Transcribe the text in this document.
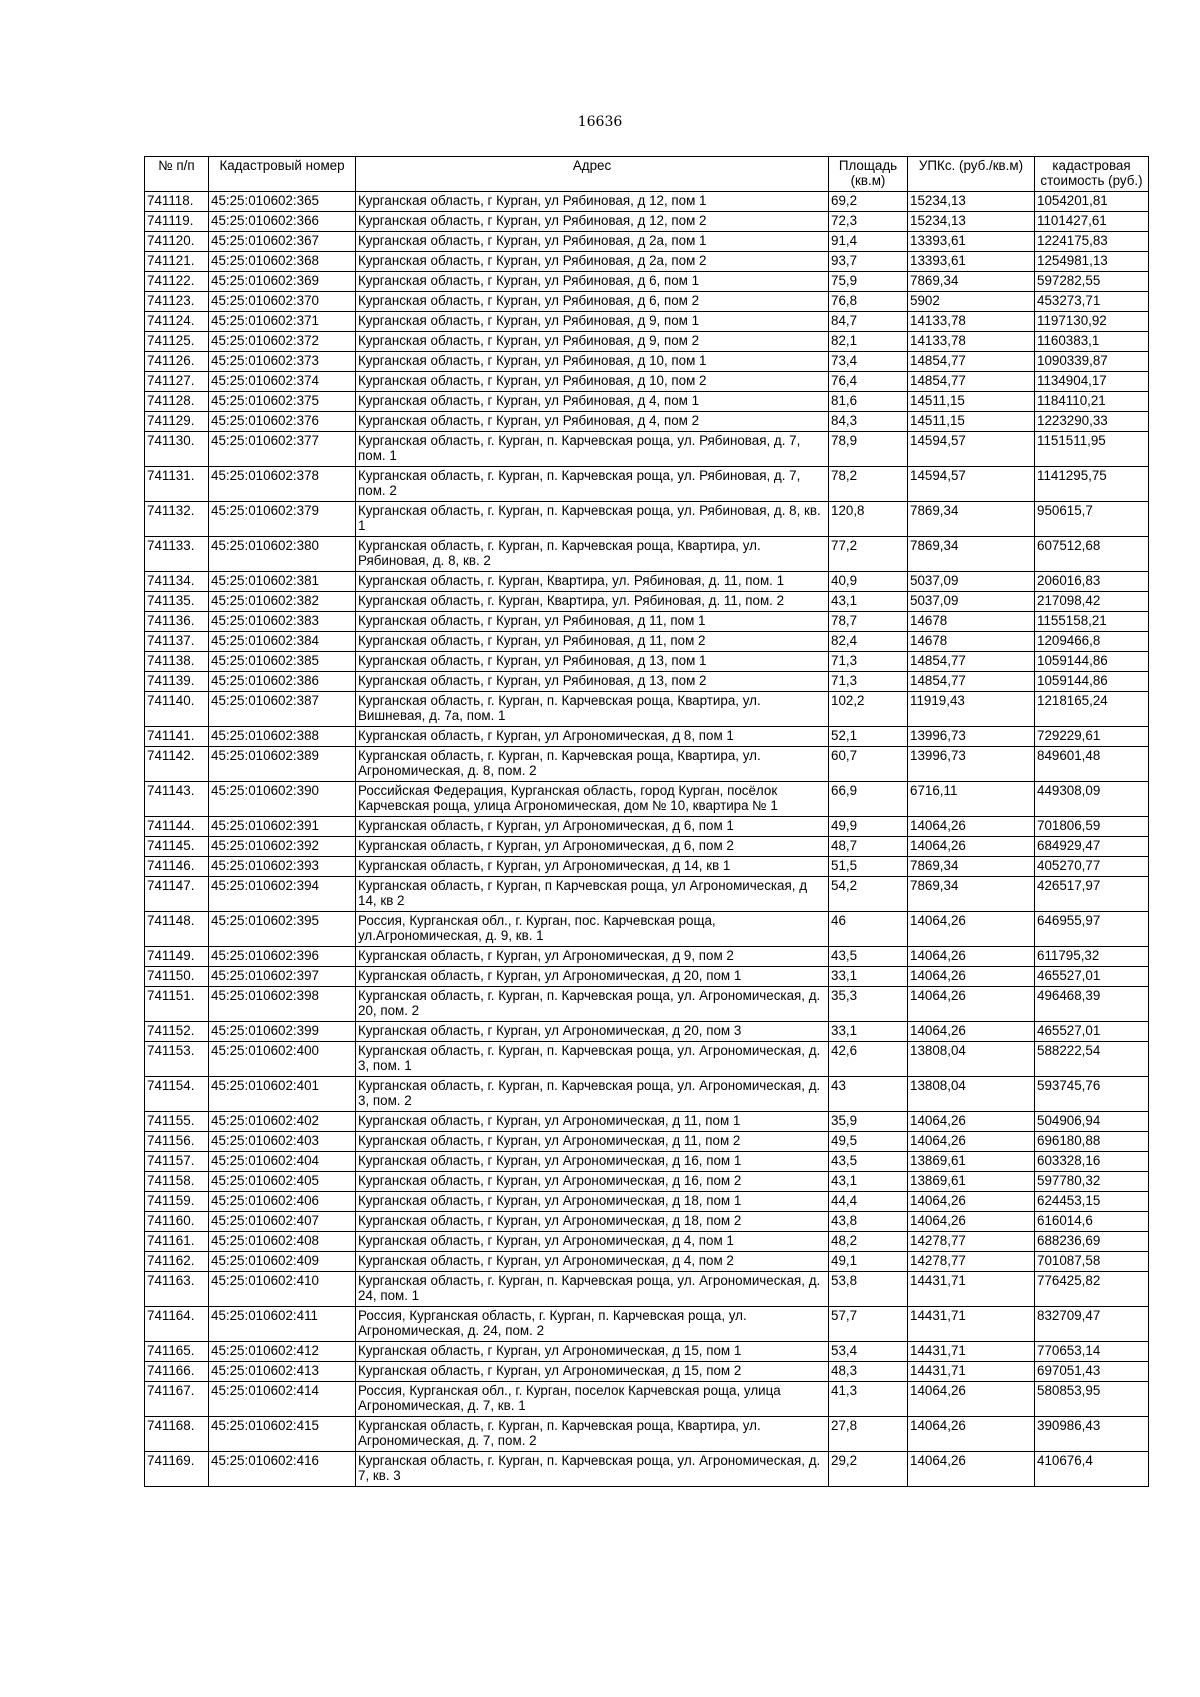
16636
№ п/п	Кадастровый номер	Адрес	Площадь (кв.м)	УПКс. (руб./кв.м)	кадастровая стоимость (руб.)
741118.	45:25:010602:365	Курганская область, г Курган, ул Рябиновая, д 12, пом 1	69,2	15234,13	1054201,81
741119.	45:25:010602:366	Курганская область, г Курган, ул Рябиновая, д 12, пом 2	72,3	15234,13	1101427,61
741120.	45:25:010602:367	Курганская область, г Курган, ул Рябиновая, д 2а, пом 1	91,4	13393,61	1224175,83
741121.	45:25:010602:368	Курганская область, г Курган, ул Рябиновая, д 2а, пом 2	93,7	13393,61	1254981,13
741122.	45:25:010602:369	Курганская область, г Курган, ул Рябиновая, д 6, пом 1	75,9	7869,34	597282,55
741123.	45:25:010602:370	Курганская область, г Курган, ул Рябиновая, д 6, пом 2	76,8	5902	453273,71
741124.	45:25:010602:371	Курганская область, г Курган, ул Рябиновая, д 9, пом 1	84,7	14133,78	1197130,92
741125.	45:25:010602:372	Курганская область, г Курган, ул Рябиновая, д 9, пом 2	82,1	14133,78	1160383,1
741126.	45:25:010602:373	Курганская область, г Курган, ул Рябиновая, д 10, пом 1	73,4	14854,77	1090339,87
741127.	45:25:010602:374	Курганская область, г Курган, ул Рябиновая, д 10, пом 2	76,4	14854,77	1134904,17
741128.	45:25:010602:375	Курганская область, г Курган, ул Рябиновая, д 4, пом 1	81,6	14511,15	1184110,21
741129.	45:25:010602:376	Курганская область, г Курган, ул Рябиновая, д 4, пом 2	84,3	14511,15	1223290,33
741130.	45:25:010602:377	Курганская область, г. Курган, п. Карчевская роща, ул. Рябиновая, д. 7, пом. 1	78,9	14594,57	1151511,95
741131.	45:25:010602:378	Курганская область, г. Курган, п. Карчевская роща, ул. Рябиновая, д. 7, пом. 2	78,2	14594,57	1141295,75
741132.	45:25:010602:379	Курганская область, г. Курган, п. Карчевская роща, ул. Рябиновая, д. 8, кв. 1	120,8	7869,34	950615,7
741133.	45:25:010602:380	Курганская область, г. Курган, п. Карчевская роща, Квартира, ул. Рябиновая, д. 8, кв. 2	77,2	7869,34	607512,68
741134.	45:25:010602:381	Курганская область, г. Курган, Квартира, ул. Рябиновая, д. 11, пом. 1	40,9	5037,09	206016,83
741135.	45:25:010602:382	Курганская область, г. Курган, Квартира, ул. Рябиновая, д. 11, пом. 2	43,1	5037,09	217098,42
741136.	45:25:010602:383	Курганская область, г Курган, ул Рябиновая, д 11, пом 1	78,7	14678	1155158,21
741137.	45:25:010602:384	Курганская область, г Курган, ул Рябиновая, д 11, пом 2	82,4	14678	1209466,8
741138.	45:25:010602:385	Курганская область, г Курган, ул Рябиновая, д 13, пом 1	71,3	14854,77	1059144,86
741139.	45:25:010602:386	Курганская область, г Курган, ул Рябиновая, д 13, пом 2	71,3	14854,77	1059144,86
741140.	45:25:010602:387	Курганская область, г. Курган, п. Карчевская роща, Квартира, ул. Вишневая, д. 7а, пом. 1	102,2	11919,43	1218165,24
741141.	45:25:010602:388	Курганская область, г Курган, ул Агрономическая, д 8, пом 1	52,1	13996,73	729229,61
741142.	45:25:010602:389	Курганская область, г. Курган, п. Карчевская роща, Квартира, ул. Агрономическая, д. 8, пом. 2	60,7	13996,73	849601,48
741143.	45:25:010602:390	Российская Федерация, Курганская область, город Курган, посёлок Карчевская роща, улица Агрономическая, дом № 10, квартира № 1	66,9	6716,11	449308,09
741144.	45:25:010602:391	Курганская область, г Курган, ул Агрономическая, д 6, пом 1	49,9	14064,26	701806,59
741145.	45:25:010602:392	Курганская область, г Курган, ул Агрономическая, д 6, пом 2	48,7	14064,26	684929,47
741146.	45:25:010602:393	Курганская область, г Курган, ул Агрономическая, д 14, кв 1	51,5	7869,34	405270,77
741147.	45:25:010602:394	Курганская область, г Курган, п Карчевская роща, ул Агрономическая, д 14, кв 2	54,2	7869,34	426517,97
741148.	45:25:010602:395	Россия, Курганская обл., г. Курган, пос. Карчевская роща, ул.Агрономическая, д. 9, кв. 1	46	14064,26	646955,97
741149.	45:25:010602:396	Курганская область, г Курган, ул Агрономическая, д 9, пом 2	43,5	14064,26	611795,32
741150.	45:25:010602:397	Курганская область, г Курган, ул Агрономическая, д 20, пом 1	33,1	14064,26	465527,01
741151.	45:25:010602:398	Курганская область, г. Курган, п. Карчевская роща, ул. Агрономическая, д. 20, пом. 2	35,3	14064,26	496468,39
741152.	45:25:010602:399	Курганская область, г Курган, ул Агрономическая, д 20, пом 3	33,1	14064,26	465527,01
741153.	45:25:010602:400	Курганская область, г. Курган, п. Карчевская роща, ул. Агрономическая, д. 3, пом. 1	42,6	13808,04	588222,54
741154.	45:25:010602:401	Курганская область, г. Курган, п. Карчевская роща, ул. Агрономическая, д. 3, пом. 2	43	13808,04	593745,76
741155.	45:25:010602:402	Курганская область, г Курган, ул Агрономическая, д 11, пом 1	35,9	14064,26	504906,94
741156.	45:25:010602:403	Курганская область, г Курган, ул Агрономическая, д 11, пом 2	49,5	14064,26	696180,88
741157.	45:25:010602:404	Курганская область, г Курган, ул Агрономическая, д 16, пом 1	43,5	13869,61	603328,16
741158.	45:25:010602:405	Курганская область, г Курган, ул Агрономическая, д 16, пом 2	43,1	13869,61	597780,32
741159.	45:25:010602:406	Курганская область, г Курган, ул Агрономическая, д 18, пом 1	44,4	14064,26	624453,15
741160.	45:25:010602:407	Курганская область, г Курган, ул Агрономическая, д 18, пом 2	43,8	14064,26	616014,6
741161.	45:25:010602:408	Курганская область, г Курган, ул Агрономическая, д 4, пом 1	48,2	14278,77	688236,69
741162.	45:25:010602:409	Курганская область, г Курган, ул Агрономическая, д 4, пом 2	49,1	14278,77	701087,58
741163.	45:25:010602:410	Курганская область, г. Курган, п. Карчевская роща, ул. Агрономическая, д. 24, пом. 1	53,8	14431,71	776425,82
741164.	45:25:010602:411	Россия, Курганская область, г. Курган, п. Карчевская роща, ул. Агрономическая, д. 24, пом. 2	57,7	14431,71	832709,47
741165.	45:25:010602:412	Курганская область, г Курган, ул Агрономическая, д 15, пом 1	53,4	14431,71	770653,14
741166.	45:25:010602:413	Курганская область, г Курган, ул Агрономическая, д 15, пом 2	48,3	14431,71	697051,43
741167.	45:25:010602:414	Россия, Курганская обл., г. Курган, поселок Карчевская роща, улица Агрономическая, д. 7, кв. 1	41,3	14064,26	580853,95
741168.	45:25:010602:415	Курганская область, г. Курган, п. Карчевская роща, Квартира, ул. Агрономическая, д. 7, пом. 2	27,8	14064,26	390986,43
741169.	45:25:010602:416	Курганская область, г. Курган, п. Карчевская роща, ул. Агрономическая, д. 7, кв. 3	29,2	14064,26	410676,4
